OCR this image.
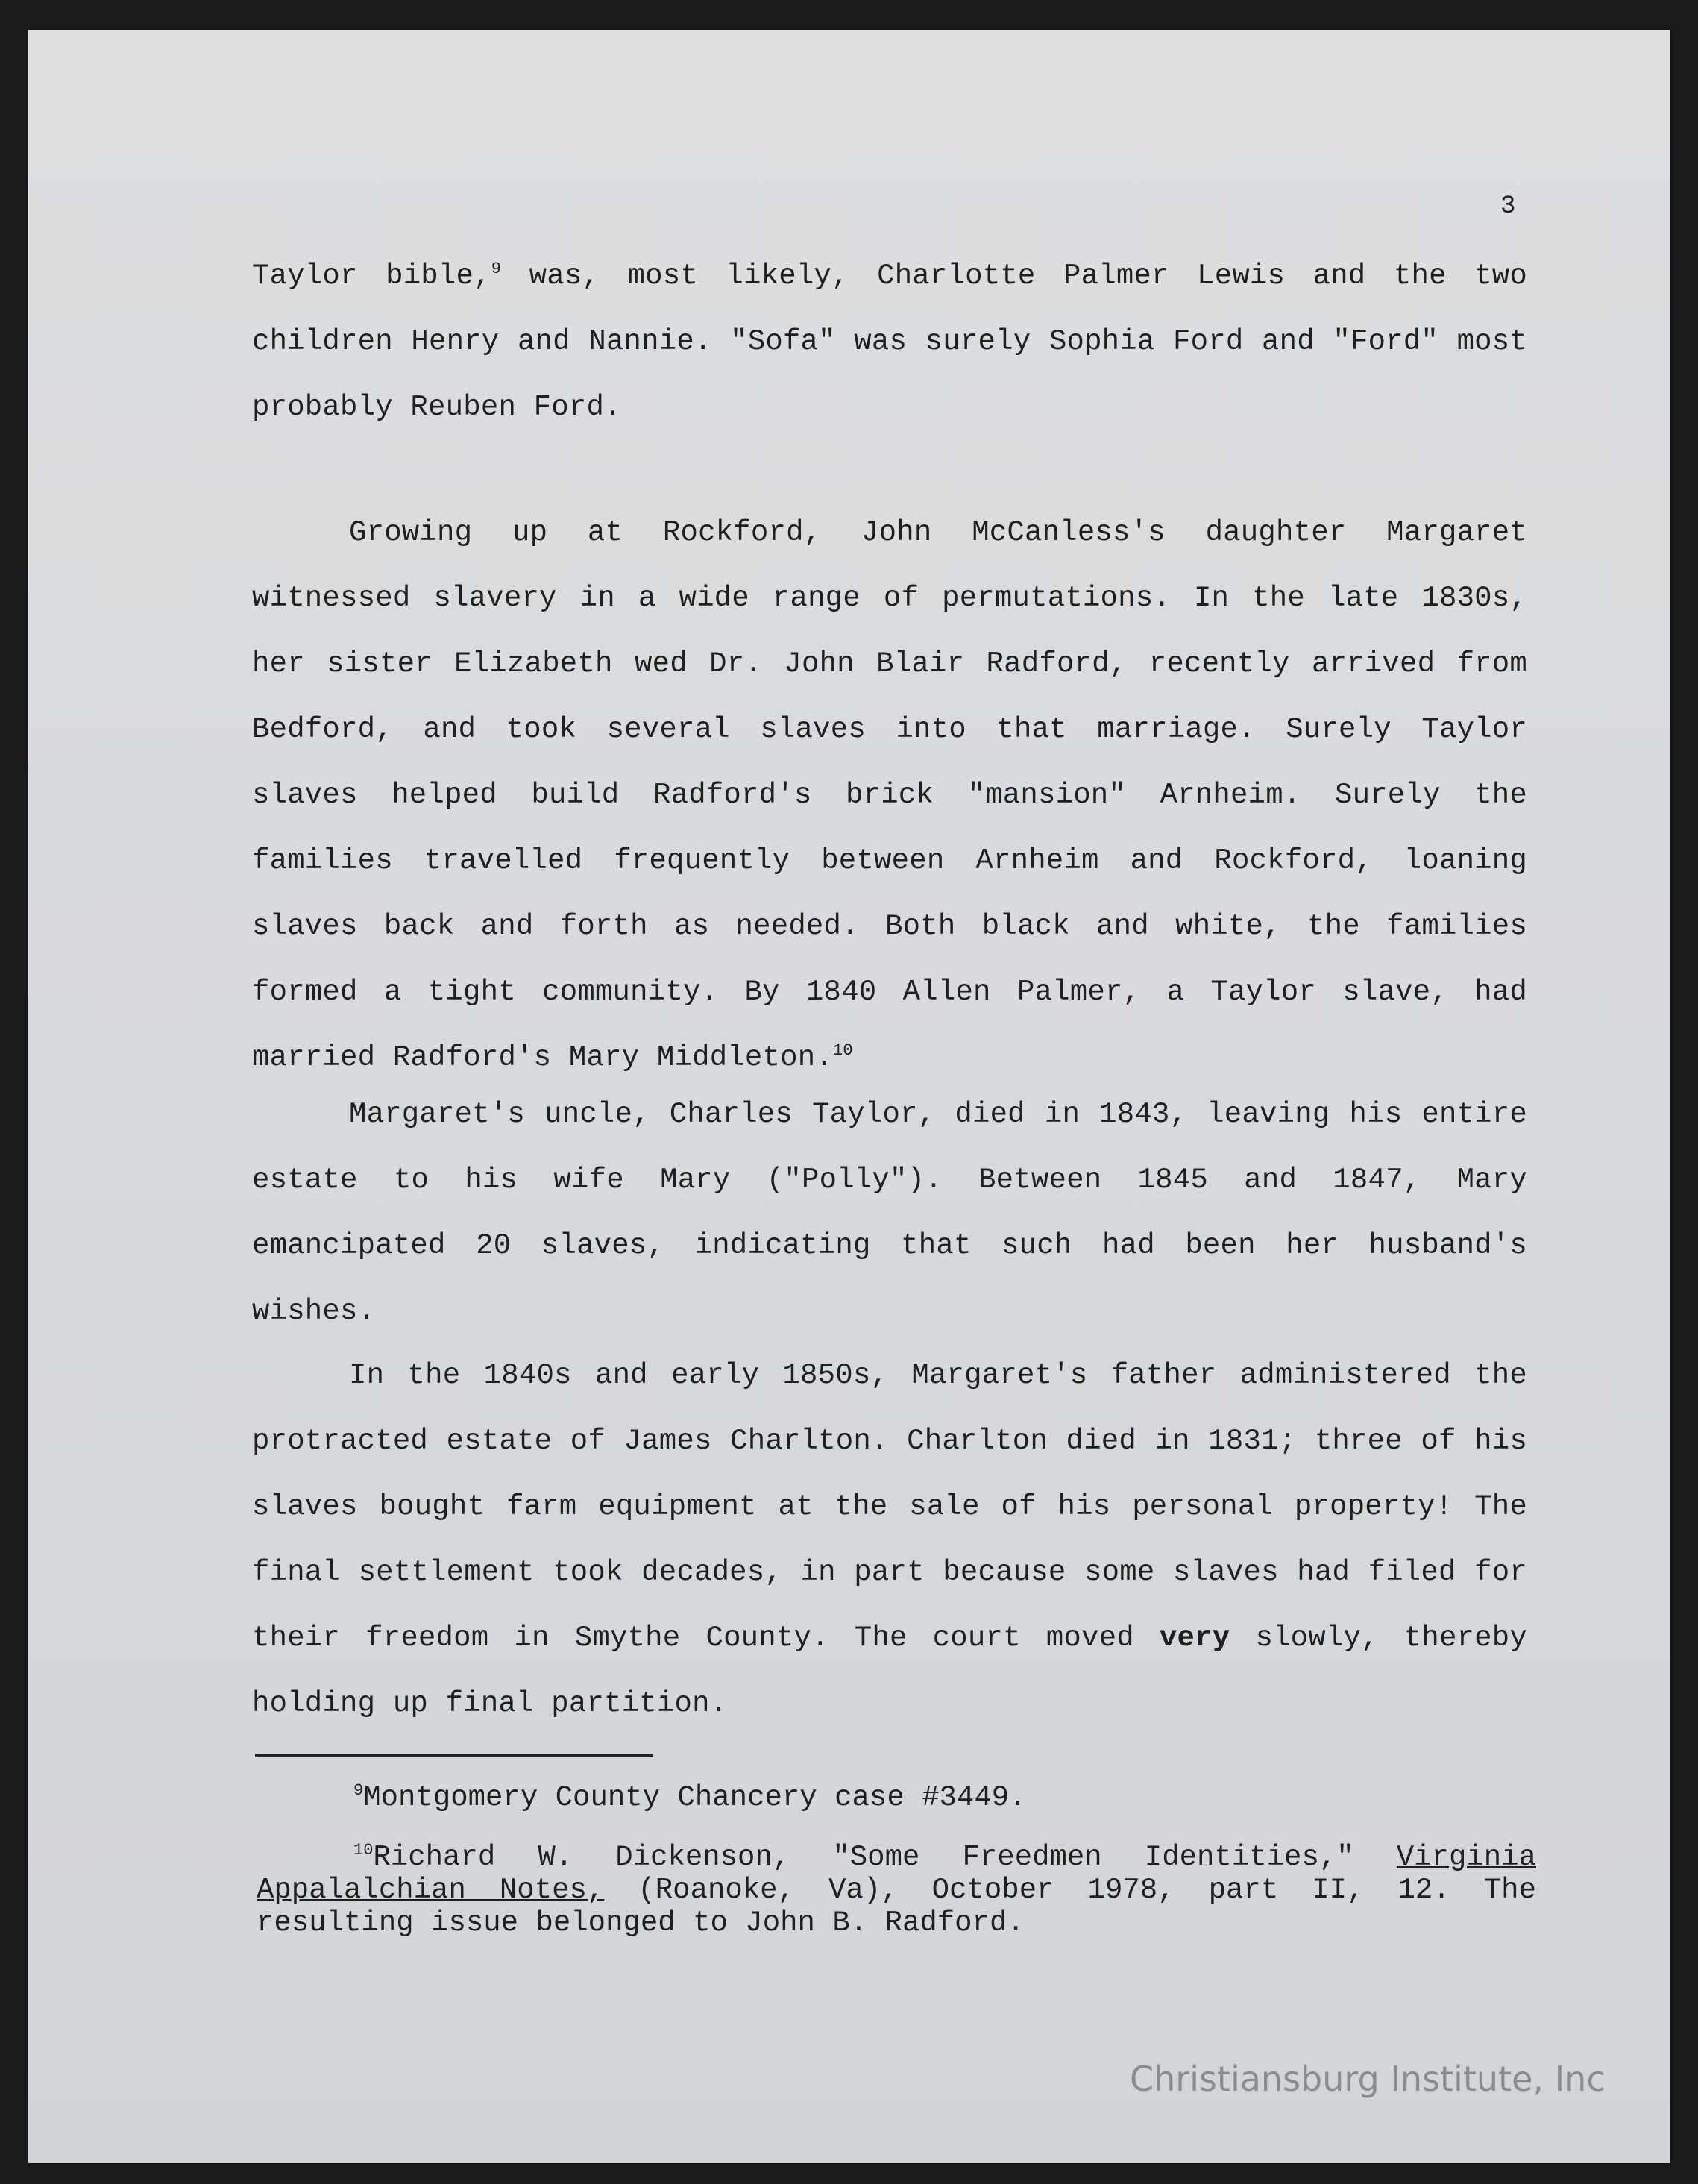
3

Taylor bible,$^9$ was, most likely, Charlotte Palmer Lewis and the two children Henry and Nannie. "Sofa" was surely Sophia Ford and "Ford" most probably Reuben Ford.

Growing up at Rockford, John McCanless's daughter Margaret witnessed slavery in a wide range of permutations. In the late 1830s, her sister Elizabeth wed Dr. John Blair Radford, recently arrived from Bedford, and took several slaves into that marriage. Surely Taylor slaves helped build Radford's brick "mansion" Arnheim. Surely the families travelled frequently between Arnheim and Rockford, loaning slaves back and forth as needed. Both black and white, the families formed a tight community. By 1840 Allen Palmer, a Taylor slave, had married Radford's Mary Middleton.$^{10}$

Margaret's uncle, Charles Taylor, died in 1843, leaving his entire estate to his wife Mary ("Polly"). Between 1845 and 1847, Mary emancipated 20 slaves, indicating that such had been her husband's wishes.

In the 1840s and early 1850s, Margaret's father administered the protracted estate of James Charlton. Charlton died in 1831; three of his slaves bought farm equipment at the sale of his personal property! The final settlement took decades, in part because some slaves had filed for their freedom in Smythe County. The court moved very slowly, thereby holding up final partition.

$^9$Montgomery County Chancery case #3449.

$^{10}$Richard W. Dickenson, "Some Freedmen Identities," Virginia Appalalchian Notes, (Roanoke, Va), October 1978, part II, 12. The resulting issue belonged to John B. Radford.

Christiansburg Institute, Inc
